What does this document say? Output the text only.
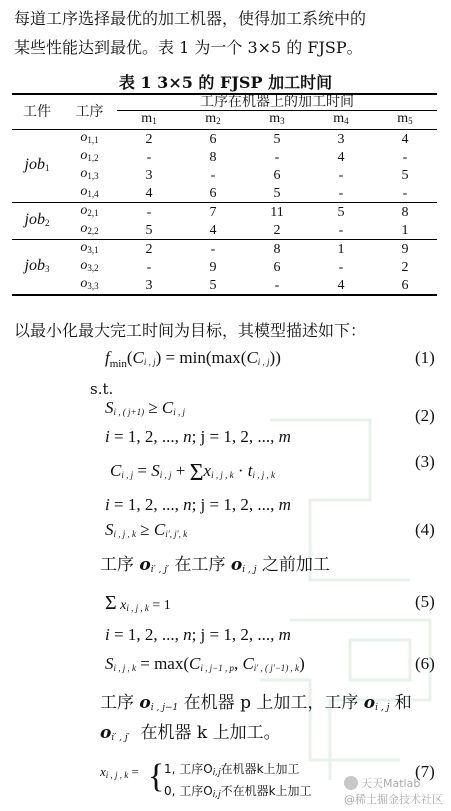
每道工序选择最优的加工机器，使得加工系统中的
某些性能达到最优。表 1 为一个 3×5 的 FJSP。
表 1 3×5 的 FJSP 加工时间
工件	工序	工序在机器上的加工时间				
		$m_1$	$m_2$	$m_3$	$m_4$	$m_5$
job$_1$	$o_{1,1}$	2	6	5	3	4
	$o_{1,2}$	-	8	-	4	-
	$o_{1,3}$	3	-	6	-	5
	$o_{1,4}$	4	6	5	-	-
job$_2$	$o_{2,1}$	-	7	11	5	8
	$o_{2,2}$	5	4	2	-	1
job$_3$	$o_{3,1}$	2	-	8	1	9
	$o_{3,2}$	-	9	6	-	2
	$o_{3,3}$	3	5	-	4	6
以最小化最大完工时间为目标，其模型描述如下：
$f_{min}(C_{i , j}) = \min(\max(C_{i , j}))$	(1)
s.t.
$S_{i , ( j+1)} \ge C_{i , j}$	(2)
i = 1, 2, ..., n; j = 1, 2, ..., m
$C_{i , j} = S_{i , j} + \Sigma x_{i , j , k} \cdot t_{i , j , k}$
(3)
i = 1, 2, ..., n; j = 1, 2, ..., m
$S_{i , j , k} \ge C_{i', j', k}$	(4)
工序 $o_{i' , j'}$ 在工序 $o_{i , j}$ 之前加工
Σ $x_{i , j , k} = 1$	(5)
i = 1, 2, ..., n; j = 1, 2, ..., m
$S_{i , j , k} = \max(C_{i , j-1 , p}$, $C_{i' , ( j'-1) , k}$)	(6)
工序 $o_{i , j-1}$ 在机器 p 上加工，工序 $o_{i , j}$ 和
$o_{i' , j'}$  在机器 k 上加工。
$x_{i , j , k}$ = { 1, 工序$O_{i,j}$在机器k上加工
0, 工序$O_{i,j}$不在机器k上加工
(7)
天天Matlab
@稀土掘金技术社区
